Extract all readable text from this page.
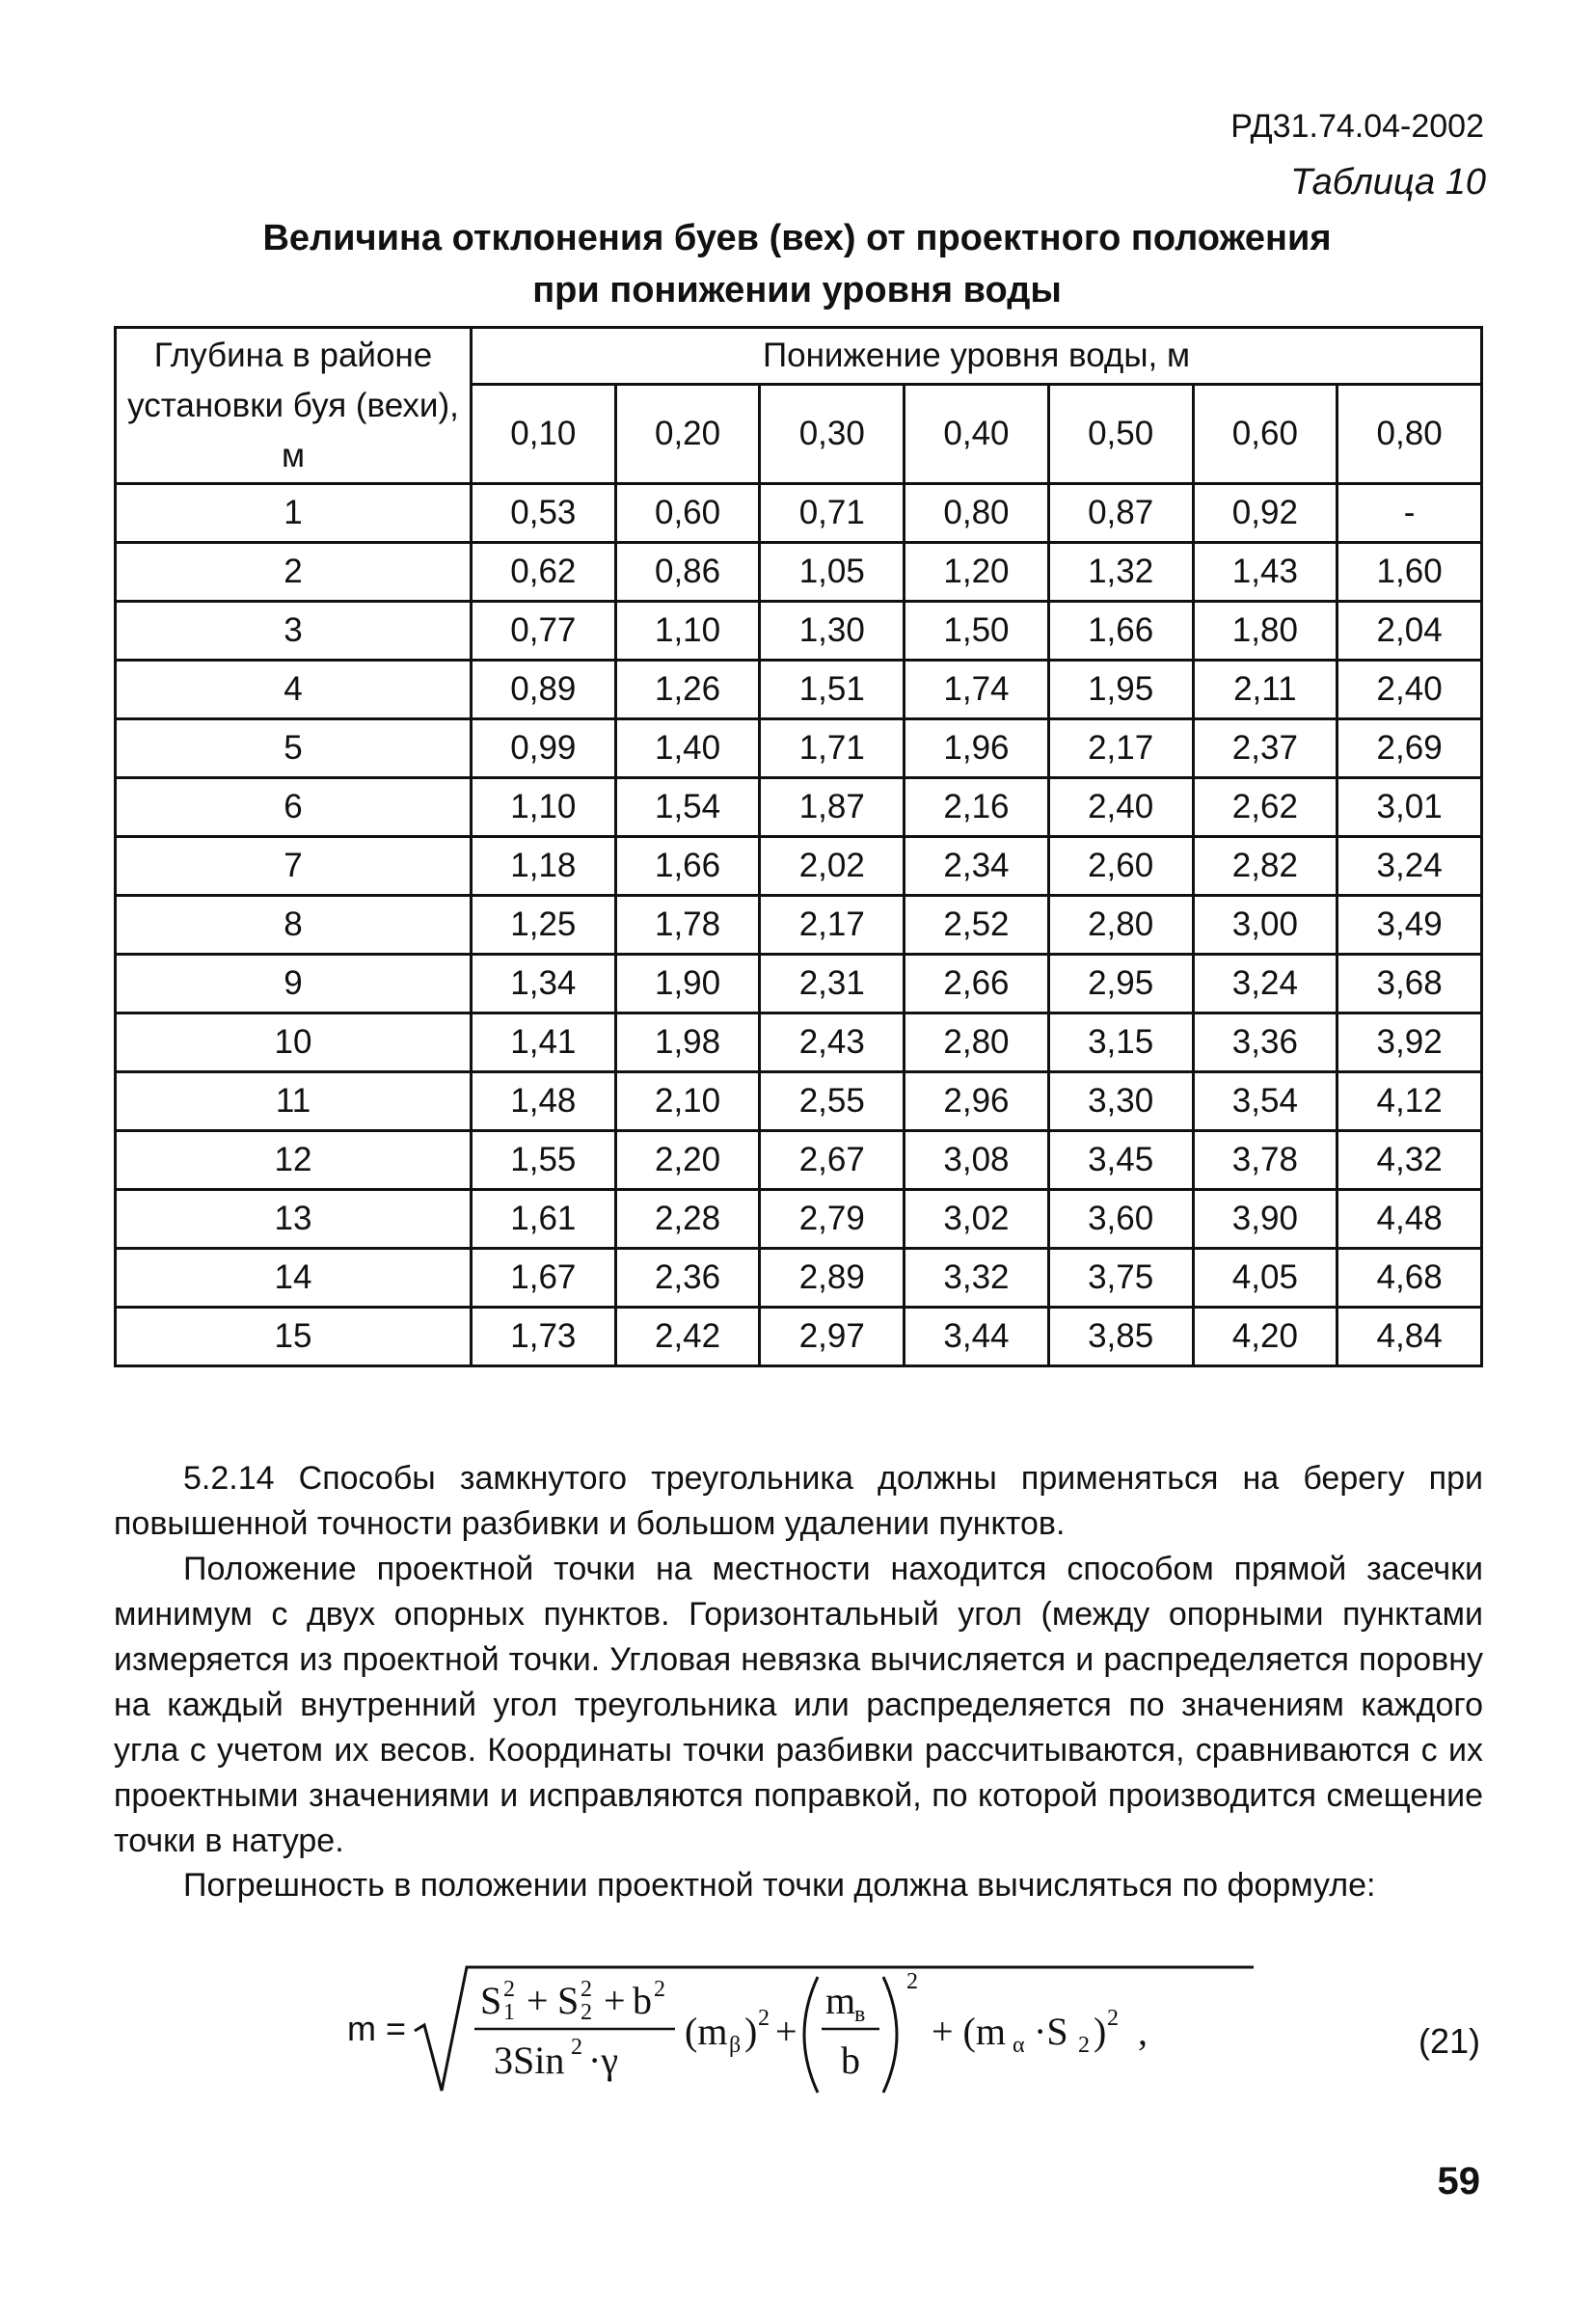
РД31.74.04-2002
Таблица 10
Величина отклонения буев (вех) от проектного положения
при понижении уровня воды
Глубина в районе установки буя (вехи), м	Понижение уровня воды, м						
	0,10	0,20	0,30	0,40	0,50	0,60	0,80
1	0,53	0,60	0,71	0,80	0,87	0,92	-
2	0,62	0,86	1,05	1,20	1,32	1,43	1,60
3	0,77	1,10	1,30	1,50	1,66	1,80	2,04
4	0,89	1,26	1,51	1,74	1,95	2,11	2,40
5	0,99	1,40	1,71	1,96	2,17	2,37	2,69
6	1,10	1,54	1,87	2,16	2,40	2,62	3,01
7	1,18	1,66	2,02	2,34	2,60	2,82	3,24
8	1,25	1,78	2,17	2,52	2,80	3,00	3,49
9	1,34	1,90	2,31	2,66	2,95	3,24	3,68
10	1,41	1,98	2,43	2,80	3,15	3,36	3,92
11	1,48	2,10	2,55	2,96	3,30	3,54	4,12
12	1,55	2,20	2,67	3,08	3,45	3,78	4,32
13	1,61	2,28	2,79	3,02	3,60	3,90	4,48
14	1,67	2,36	2,89	3,32	3,75	4,05	4,68
15	1,73	2,42	2,97	3,44	3,85	4,20	4,84
5.2.14 Способы замкнутого треугольника должны применяться на берегу при повышенной точности разбивки и большом удалении пунктов.
Положение проектной точки на местности находится способом прямой засечки минимум с двух опорных пунктов. Горизонтальный угол (между опорными пунктами измеряется из проектной точки. Угловая невязка вычисляется и распределяется поровну на каждый внутренний угол треугольника или распределяется по значениям каждого угла с учетом их весов. Координаты точки разбивки рассчитываются, сравниваются с их проектными значениями и исправляются поправкой, по которой производится смещение точки в натуре.
Погрешность в положении проектной точки должна вычисляться по формуле:
m =
S 2
1 + S 2
2 + b 2
3Sin 2 ·γ
(m β ) 2 +
m
в
b
2
+ (m α ·S 2 ) 2 ,	(21)
59
